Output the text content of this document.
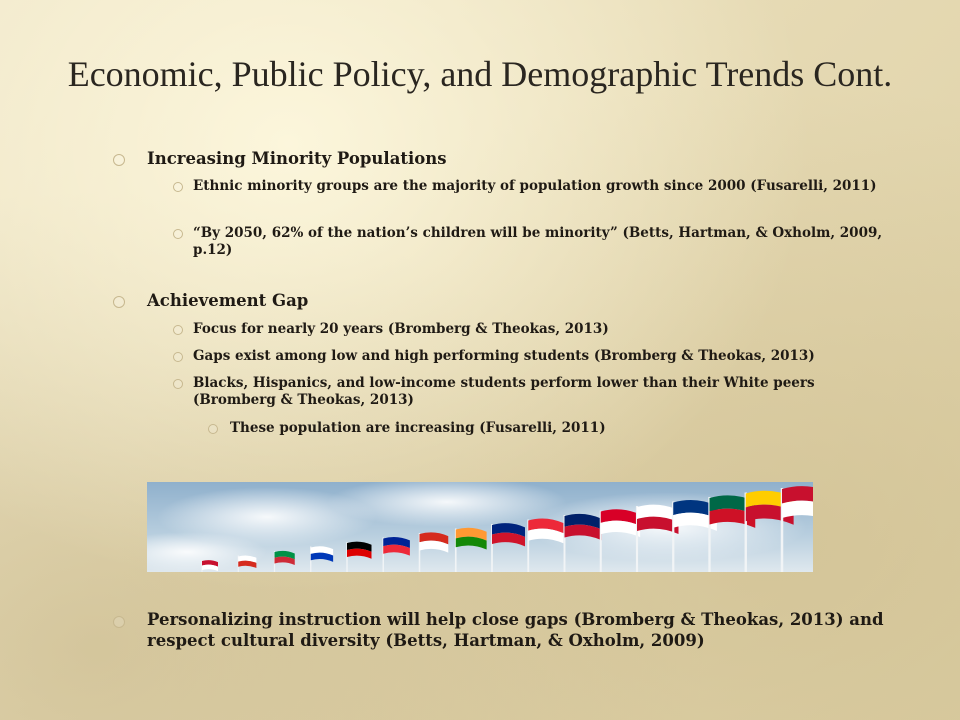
Economic, Public Policy, and Demographic Trends Cont.
Increasing Minority Populations
Ethnic minority groups are the majority of population growth since 2000 (Fusarelli, 2011)
“By 2050, 62% of the nation’s children will be minority” (Betts, Hartman, & Oxholm, 2009, p.12)
Achievement Gap
Focus for nearly 20 years (Bromberg & Theokas, 2013)
Gaps exist among low and high performing students (Bromberg & Theokas, 2013)
Blacks, Hispanics, and low-income students perform lower than their White peers (Bromberg & Theokas, 2013)
These population are increasing (Fusarelli, 2011)
Personalizing instruction will help close gaps (Bromberg & Theokas, 2013) and respect cultural diversity (Betts, Hartman, & Oxholm, 2009)
